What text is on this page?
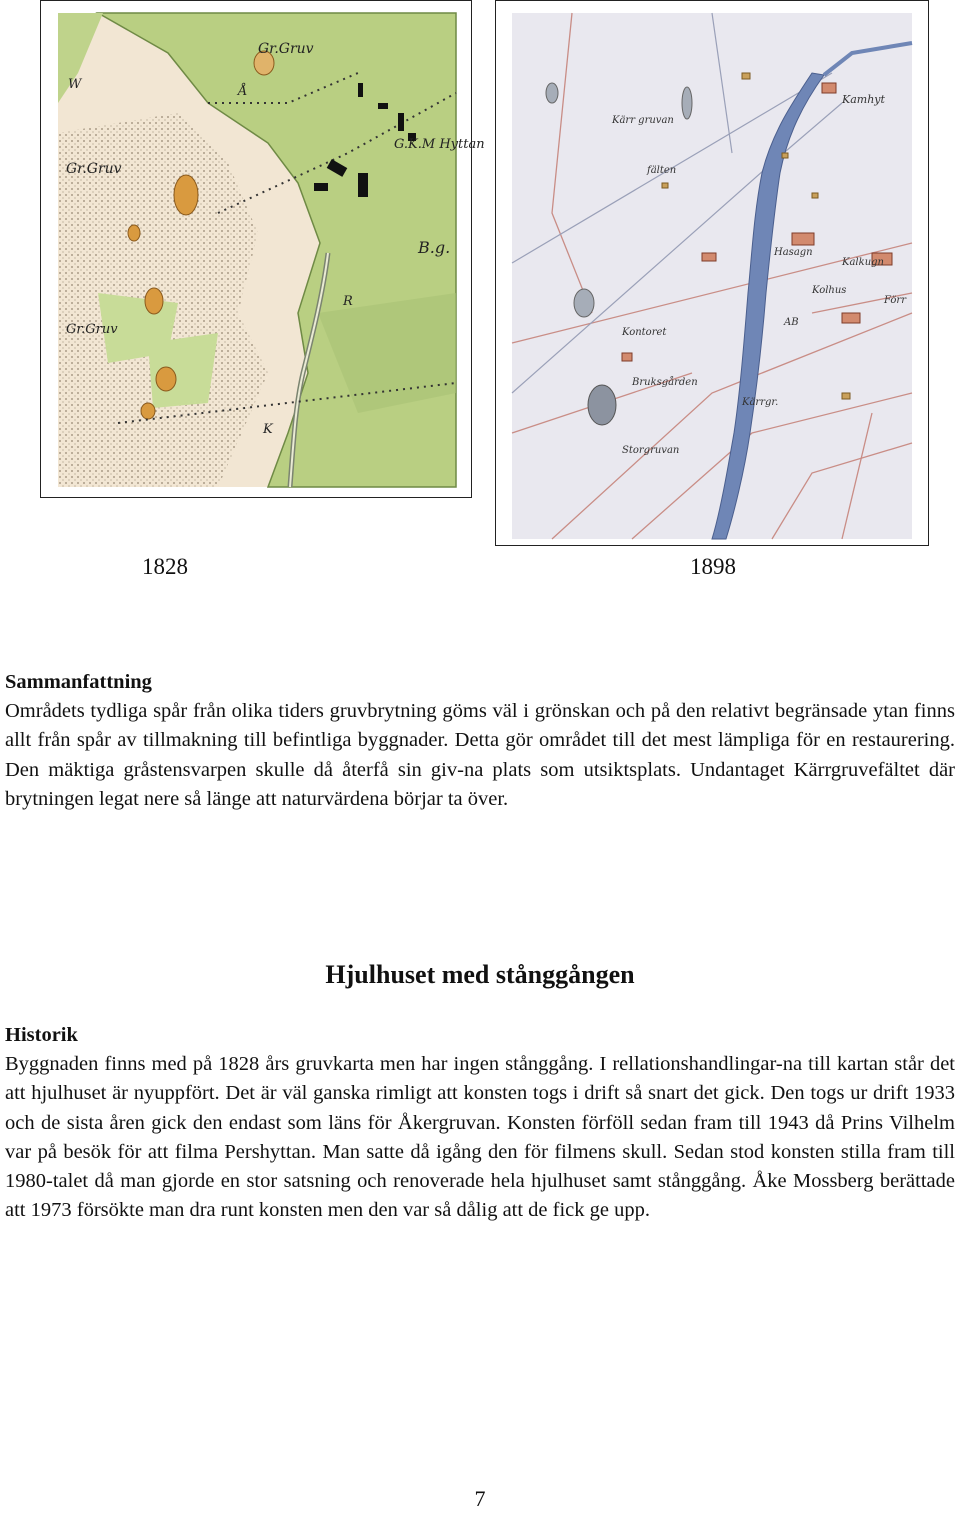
Gr.Gruv
Gr.Gruv
Gr.Gruv
G.K.M Hyttan
B.g.
R
K
W	Å
Kamhyt
Kärr gruvan
fälten
Hasagn
Kalkugn
Kontoret
Förr
Kolhus
AB
Bruksgården
Kärrgr.
Storgruvan
1828	1898
Sammanfattning
Områdets tydliga spår från olika tiders gruvbrytning göms väl i grönskan och på den relativt begränsade ytan finns allt från spår av tillmakning till befintliga byggnader. Detta gör området till det mest lämpliga för en restaurering. Den mäktiga gråstensvarpen skulle då återfå sin giv-na plats som utsiktsplats. Undantaget Kärrgruvefältet där brytningen legat nere så länge att naturvärdena börjar ta över.
Hjulhuset med stånggången
Historik
Byggnaden finns med på 1828 års gruvkarta men har ingen stånggång. I rellationshandlingar-na till kartan står det att hjulhuset är nyuppfört. Det är väl ganska rimligt att konsten togs i drift så snart det gick. Den togs ur drift 1933 och de sista åren gick den endast som läns för Åkergruvan. Konsten förföll sedan fram till 1943 då Prins Vilhelm var på besök för att filma Pershyttan. Man satte då igång den för filmens skull. Sedan stod konsten stilla fram till 1980-talet då man gjorde en stor satsning och renoverade hela hjulhuset samt stånggång. Åke Mossberg berättade att 1973 försökte man dra runt konsten men den var så dålig att de fick ge upp.
7
